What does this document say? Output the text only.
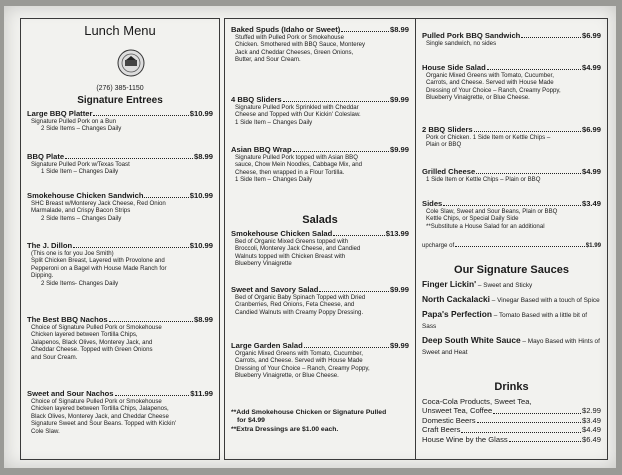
Lunch Menu
(276) 385-1150
Signature Entrees
Large BBQ Platter	$10.99
Signature Pulled Pork on a Bun
2 Side Items – Changes Daily
BBQ Plate	$8.99
Signature Pulled Pork w/Texas Toast
1 Side Item – Changes Daily
Smokehouse Chicken Sandwich	$10.99
SHC Breast w/Monterey Jack Cheese, Red Onion
Marmalade, and Crispy Bacon Strips
2 Side Items – Changes Daily
The J. Dillon	$10.99
(This one is for you Joe Smith)
Split Chicken Breast, Layered with Provolone and
Pepperoni on a Bagel with House Made Ranch for
Dipping.
2 Side Items- Changes Daily
The Best BBQ Nachos	$8.99
Choice of Signature Pulled Pork or Smokehouse
Chicken layered between Tortilla Chips,
Jalapenos, Black Olives, Monterey Jack, and
Cheddar Cheese. Topped with Green Onions
and Sour Cream.
Sweet and Sour Nachos	$11.99
Choice of Signature Pulled Pork or Smokehouse
Chicken layered between Tortilla Chips, Jalapenos,
Black Olives, Monterey Jack, and Cheddar Cheese
Signature Sweet and Sour Beans. Topped with Kickin'
Cole Slaw.
Baked Spuds (Idaho or Sweet)	$8.99
Stuffed with Pulled Pork or Smokehouse
Chicken. Smothered with BBQ Sauce, Monterey
Jack and Cheddar Cheeses, Green Onions,
Butter, and Sour Cream.
4 BBQ Sliders	$9.99
Signature Pulled Pork Sprinkled with Cheddar
Cheese and Topped with Our Kickin' Coleslaw.
1 Side Item – Changes Daily
Asian BBQ Wrap	$9.99
Signature Pulled Pork topped with Asian BBQ
sauce, Chow Mein Noodles, Cabbage Mix, and
Cheese, then wrapped in a Flour Tortilla.
1 Side Item – Changes Daily
Salads
Smokehouse Chicken Salad	$13.99
Bed of Organic Mixed Greens topped with
Broccoli, Monterey Jack Cheese, and Candied
Walnuts topped with Chicken Breast with
Blueberry Vinaigrette
Sweet and Savory Salad	$9.99
Bed of Organic Baby Spinach Topped with Dried
Cranberries, Red Onions, Feta Cheese, and
Candied Walnuts with Creamy Poppy Dressing.
Large Garden Salad	$9.99
Organic Mixed Greens with Tomato, Cucumber,
Carrots, and Cheese. Served with House Made
Dressing of Your Choice – Ranch, Creamy Poppy,
Blueberry Vinaigrette, or Blue Cheese.
**Add Smokehouse Chicken or Signature Pulled
for $4.99
**Extra Dressings are $1.00 each.
Pulled Pork BBQ Sandwich	$6.99
Single sandwich, no sides
House Side Salad	$4.99
Organic Mixed Greens with Tomato, Cucumber,
Carrots, and Cheese. Served with House Made
Dressing of Your Choice – Ranch, Creamy Poppy,
Blueberry Vinaigrette, or Blue Cheese.
2 BBQ Sliders	$6.99
Pork or Chicken. 1 Side Item or Kettle Chips –
Plain or BBQ
Grilled Cheese	$4.99
1 Side Item or Kettle Chips – Plain or BBQ
Sides	$3.49
Cole Slaw, Sweet and Sour Beans, Plain or BBQ
Kettle Chips, or Special Daily Side
**Substitute a House Salad for an additional
upcharge of	$1.99
Our Signature Sauces
Finger Lickin' – Sweet and Sticky
North Cackalacki – Vinegar Based with a touch of Spice
Papa's Perfection – Tomato Based with a little bit of Sass
Deep South White Sauce – Mayo Based with Hints of Sweet and Heat
Drinks
Coca-Cola Products, Sweet Tea,
Unsweet Tea, Coffee	$2.99
Domestic Beers	$3.49
Craft Beers	$4.49
House Wine by the Glass	$6.49
